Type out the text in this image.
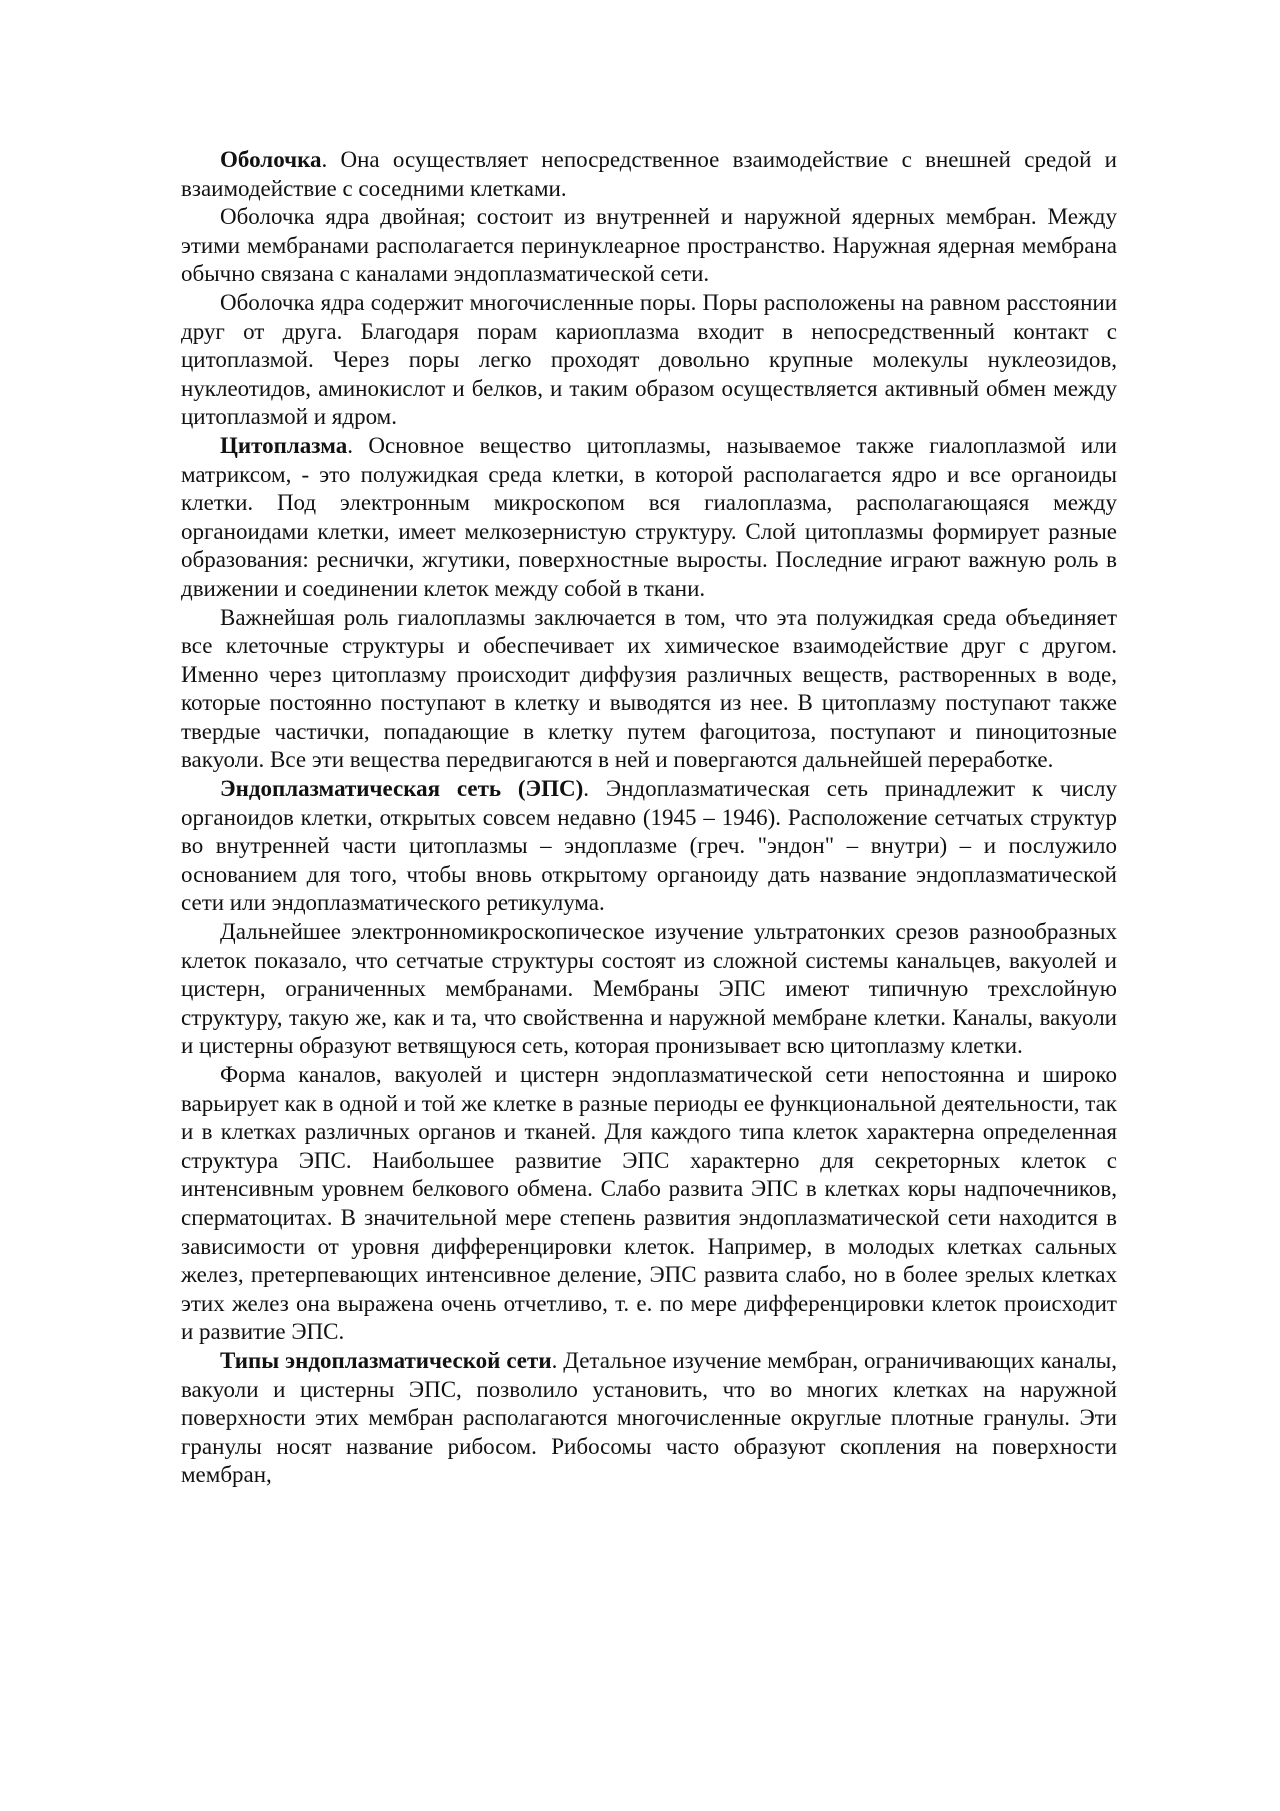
Оболочка. Она осуществляет непосредственное взаимодействие с внешней средой и взаимодействие с соседними клетками.

Оболочка ядра двойная; состоит из внутренней и наружной ядерных мембран. Между этими мембранами располагается перинуклеарное пространство. Наружная ядерная мембрана обычно связана с каналами эндоплазматической сети.

Оболочка ядра содержит многочисленные поры. Поры расположены на равном расстоянии друг от друга. Благодаря порам кариоплазма входит в непосредственный контакт с цитоплазмой. Через поры легко проходят довольно крупные молекулы нуклеозидов, нуклеотидов, аминокислот и белков, и таким образом осуществляется активный обмен между цитоплазмой и ядром.

Цитоплазма. Основное вещество цитоплазмы, называемое также гиалоплазмой или матриксом, - это полужидкая среда клетки, в которой располагается ядро и все органоиды клетки. Под электронным микроскопом вся гиалоплазма, располагающаяся между органоидами клетки, имеет мелкозернистую структуру. Слой цитоплазмы формирует разные образования: реснички, жгутики, поверхностные выросты. Последние играют важную роль в движении и соединении клеток между собой в ткани.

Важнейшая роль гиалоплазмы заключается в том, что эта полужидкая среда объединяет все клеточные структуры и обеспечивает их химическое взаимодействие друг с другом. Именно через цитоплазму происходит диффузия различных веществ, растворенных в воде, которые постоянно поступают в клетку и выводятся из нее. В цитоплазму поступают также твердые частички, попадающие в клетку путем фагоцитоза, поступают и пиноцитозные вакуоли. Все эти вещества передвигаются в ней и повергаются дальнейшей переработке.

Эндоплазматическая сеть (ЭПС). Эндоплазматическая сеть принадлежит к числу органоидов клетки, открытых совсем недавно (1945 – 1946). Расположение сетчатых структур во внутренней части цитоплазмы – эндоплазме (греч. "эндон" – внутри) – и послужило основанием для того, чтобы вновь открытому органоиду дать название эндоплазматической сети или эндоплазматического ретикулума.

Дальнейшее электронномикроскопическое изучение ультратонких срезов разнообразных клеток показало, что сетчатые структуры состоят из сложной системы канальцев, вакуолей и цистерн, ограниченных мембранами. Мембраны ЭПС имеют типичную трехслойную структуру, такую же, как и та, что свойственна и наружной мембране клетки. Каналы, вакуоли и цистерны образуют ветвящуюся сеть, которая пронизывает всю цитоплазму клетки.

Форма каналов, вакуолей и цистерн эндоплазматической сети непостоянна и широко варьирует как в одной и той же клетке в разные периоды ее функциональной деятельности, так и в клетках различных органов и тканей. Для каждого типа клеток характерна определенная структура ЭПС. Наибольшее развитие ЭПС характерно для секреторных клеток с интенсивным уровнем белкового обмена. Слабо развита ЭПС в клетках коры надпочечников, сперматоцитах. В значительной мере степень развития эндоплазматической сети находится в зависимости от уровня дифференцировки клеток. Например, в молодых клетках сальных желез, претерпевающих интенсивное деление, ЭПС развита слабо, но в более зрелых клетках этих желез она выражена очень отчетливо, т. е. по мере дифференцировки клеток происходит и развитие ЭПС.

Типы эндоплазматической сети. Детальное изучение мембран, ограничивающих каналы, вакуоли и цистерны ЭПС, позволило установить, что во многих клетках на наружной поверхности этих мембран располагаются многочисленные округлые плотные гранулы. Эти гранулы носят название рибосом. Рибосомы часто образуют скопления на поверхности мембран,
